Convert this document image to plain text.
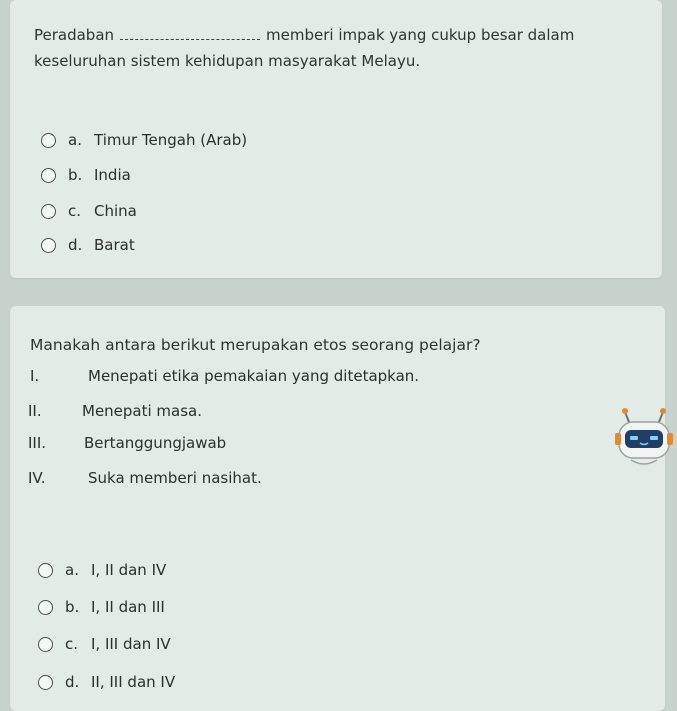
Peradaban	memberi impak yang cukup besar dalam
keseluruhan sistem kehidupan masyarakat Melayu.
a. Timur Tengah (Arab)
b. India
c. China
d. Barat
Manakah antara berikut merupakan etos seorang pelajar?
I.	Menepati etika pemakaian yang ditetapkan.
II.	Menepati masa.
III.	Bertanggungjawab
IV.	Suka memberi nasihat.
a. I, II dan IV
b. I, II dan III
c. I, III dan IV
d. II, III dan IV
